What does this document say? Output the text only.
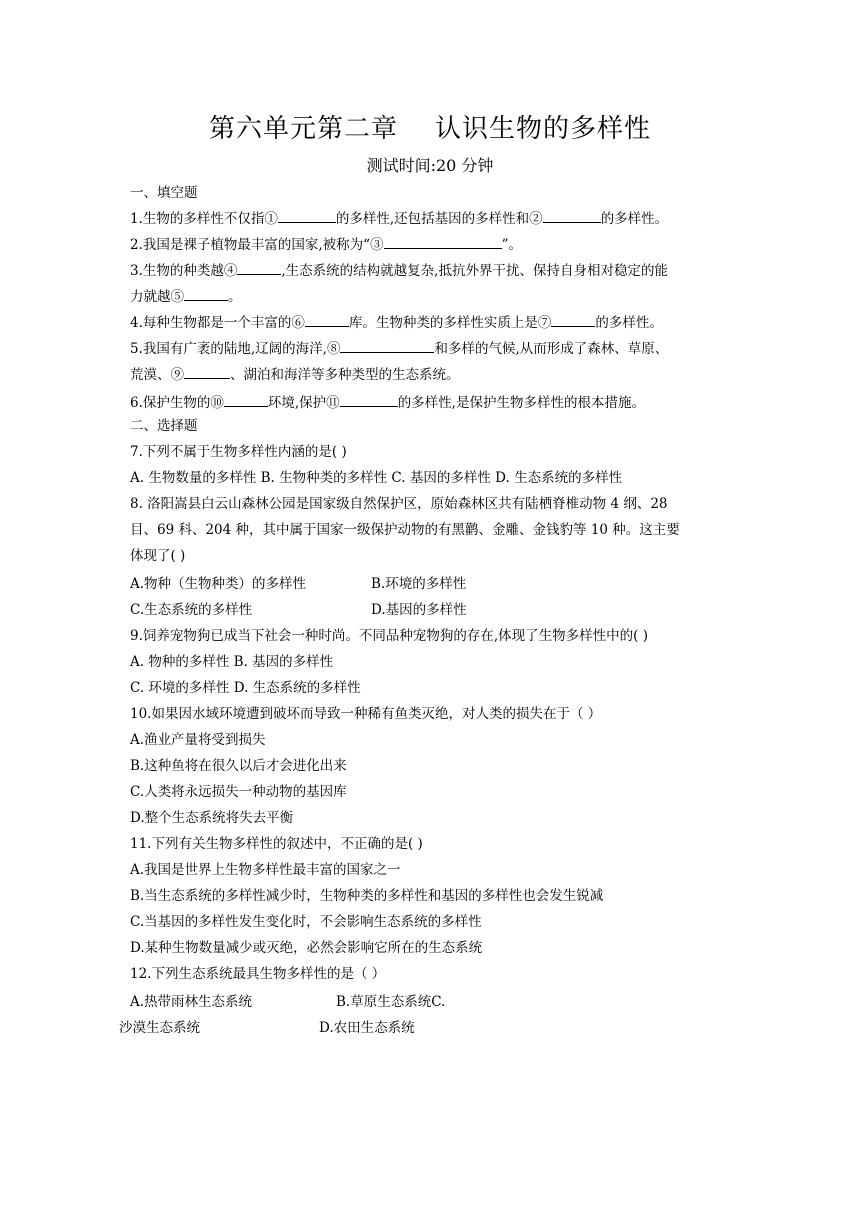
第六单元第二章    认识生物的多样性
测试时间:20 分钟
一、填空题
1.生物的多样性不仅指①	的多样性,还包括基因的多样性和②	的多样性。
2.我国是裸子植物最丰富的国家,被称为“③	”。
3.生物的种类越④	,生态系统的结构就越复杂,抵抗外界干扰、保持自身相对稳定的能
力就越⑤	。
4.每种生物都是一个丰富的⑥	库。生物种类的多样性实质上是⑦	的多样性。
5.我国有广袤的陆地,辽阔的海洋,⑧	和多样的气候,从而形成了森林、草原、
荒漠、⑨	、湖泊和海洋等多种类型的生态系统。
6.保护生物的⑩	环境,保护⑪	的多样性,是保护生物多样性的根本措施。
二、选择题
7.下列不属于生物多样性内涵的是( )
A. 生物数量的多样性 B. 生物种类的多样性 C. 基因的多样性 D. 生态系统的多样性
8. 洛阳嵩县白云山森林公园是国家级自然保护区，原始森林区共有陆栖脊椎动物 4 纲、28
目、69 科、204 种，其中属于国家一级保护动物的有黑鹳、金雕、金钱豹等 10 种。这主要
体现了( )
A.物种（生物种类）的多样性	B.环境的多样性
C.生态系统的多样性	D.基因的多样性
9.饲养宠物狗已成当下社会一种时尚。不同品种宠物狗的存在,体现了生物多样性中的( )
A. 物种的多样性 B. 基因的多样性
C. 环境的多样性 D. 生态系统的多样性
10.如果因水域环境遭到破坏而导致一种稀有鱼类灭绝，对人类的损失在于（ ）
A.渔业产量将受到损失
B.这种鱼将在很久以后才会进化出来
C.人类将永远损失一种动物的基因库
D.整个生态系统将失去平衡
11.下列有关生物多样性的叙述中，不正确的是( )
A.我国是世界上生物多样性最丰富的国家之一
B.当生态系统的多样性减少时，生物种类的多样性和基因的多样性也会发生锐减
C.当基因的多样性发生变化时，不会影响生态系统的多样性
D.某种生物数量减少或灭绝，必然会影响它所在的生态系统
12.下列生态系统最具生物多样性的是（ ）
A.热带雨林生态系统	B.草原生态系统C.
沙漠生态系统	D.农田生态系统
